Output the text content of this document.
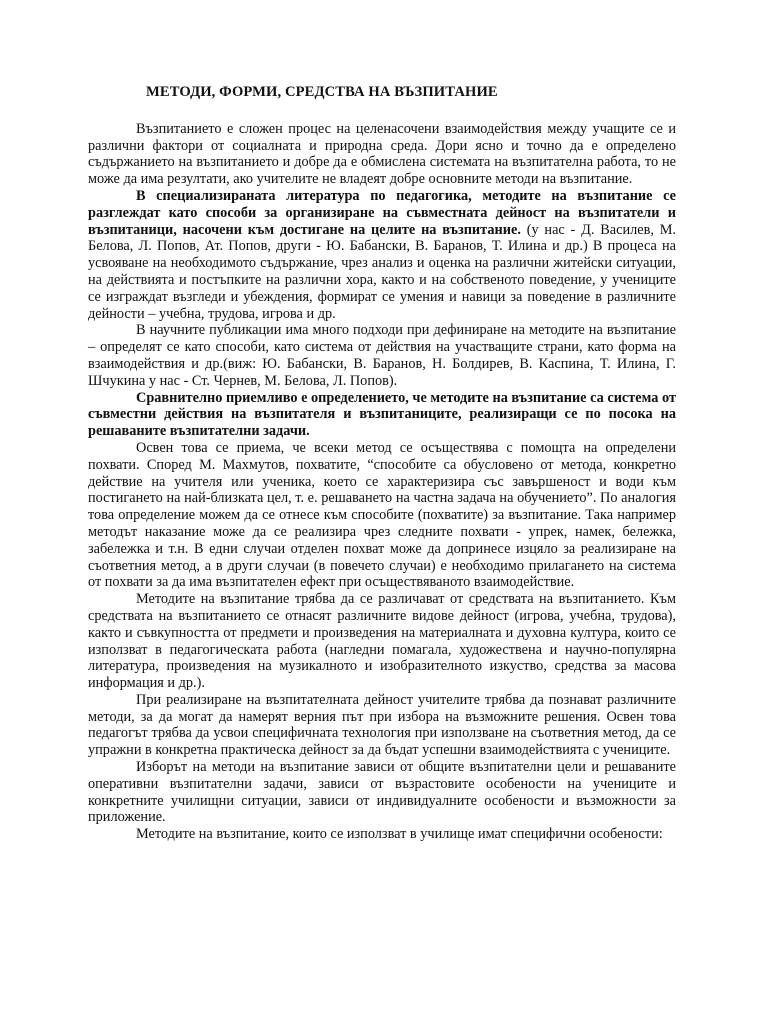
МЕТОДИ, ФОРМИ, СРЕДСТВА НА ВЪЗПИТАНИЕ

Възпитанието е сложен процес на целенасочени взаимодействия между учащите се и различни фактори от социалната и природна среда. Дори ясно и точно да е определено съдържанието на възпитанието и добре да е обмислена системата на възпитателна работа, то не може да има резултати, ако учителите не владеят добре основните методи на възпитание.

В специализираната литература по педагогика, методите на възпитание се разглеждат като способи за организиране на съвместната дейност на възпитатели и възпитаници, насочени към достигане на целите на възпитание. (у нас - Д. Василев, М. Белова, Л. Попов, Ат. Попов, други - Ю. Бабански, В. Баранов, Т. Илина и др.) В процеса на усвояване на необходимото съдържание, чрез анализ и оценка на различни житейски ситуации, на действията и постъпките на различни хора, както и на собственото поведение, у учениците се изграждат възгледи и убеждения, формират се умения и навици за поведение в различните дейности – учебна, трудова, игрова и др.

В научните публикации има много подходи при дефиниране на методите на възпитание – определят се като способи, като система от действия на участващите страни, като форма на взаимодействия и др.(виж: Ю. Бабански, В. Баранов, Н. Болдирев, В. Каспина, Т. Илина, Г. Шчукина у нас - Ст. Чернев, М. Белова, Л. Попов).

Сравнително приемливо е определението, че методите на възпитание са система от съвместни действия на възпитателя и възпитаниците, реализиращи се по посока на решаваните възпитателни задачи.

Освен това се приема, че всеки метод се осъществява с помощта на определени похвати. Според М. Махмутов, похватите, “способите са обусловено от метода, конкретно действие на учителя или ученика, което се характеризира със завършеност и води към постигането на най-близката цел, т. е. решаването на частна задача на обучението”. По аналогия това определение можем да се отнесе към способите (похватите) за възпитание. Така например методът наказание може да се реализира чрез следните похвати - упрек, намек, бележка, забележка и т.н. В едни случаи отделен похват може да допринесе изцяло за реализиране на съответния метод, а в други случаи (в повечето случаи) е необходимо прилагането на система от похвати за да има възпитателен ефект при осъществяваното взаимодействие.

Методите на възпитание трябва да се различават от средствата на възпитанието. Към средствата на възпитанието се отнасят различните видове дейност (игрова, учебна, трудова), както и съвкупността от предмети и произведения на материалната и духовна култура, които се използват в педагогическата работа (нагледни помагала, художествена и научно-популярна литература, произведения на музикалното и изобразителното изкуство, средства за масова информация и др.).

При реализиране на възпитателната дейност учителите трябва да познават различните методи, за да могат да намерят верния път при избора на възможните решения. Освен това педагогът трябва да усвои специфичната технология при използване на съответния метод, да се упражни в конкретна практическа дейност за да бъдат успешни взаимодействията с учениците.

Изборът на методи на възпитание зависи от общите възпитателни цели и решаваните оперативни възпитателни задачи, зависи от възрастовите особености на учениците и конкретните училищни ситуации, зависи от индивидуалните особености и възможности за приложение.

Методите на възпитание, които се използват в училище имат специфични особености:
